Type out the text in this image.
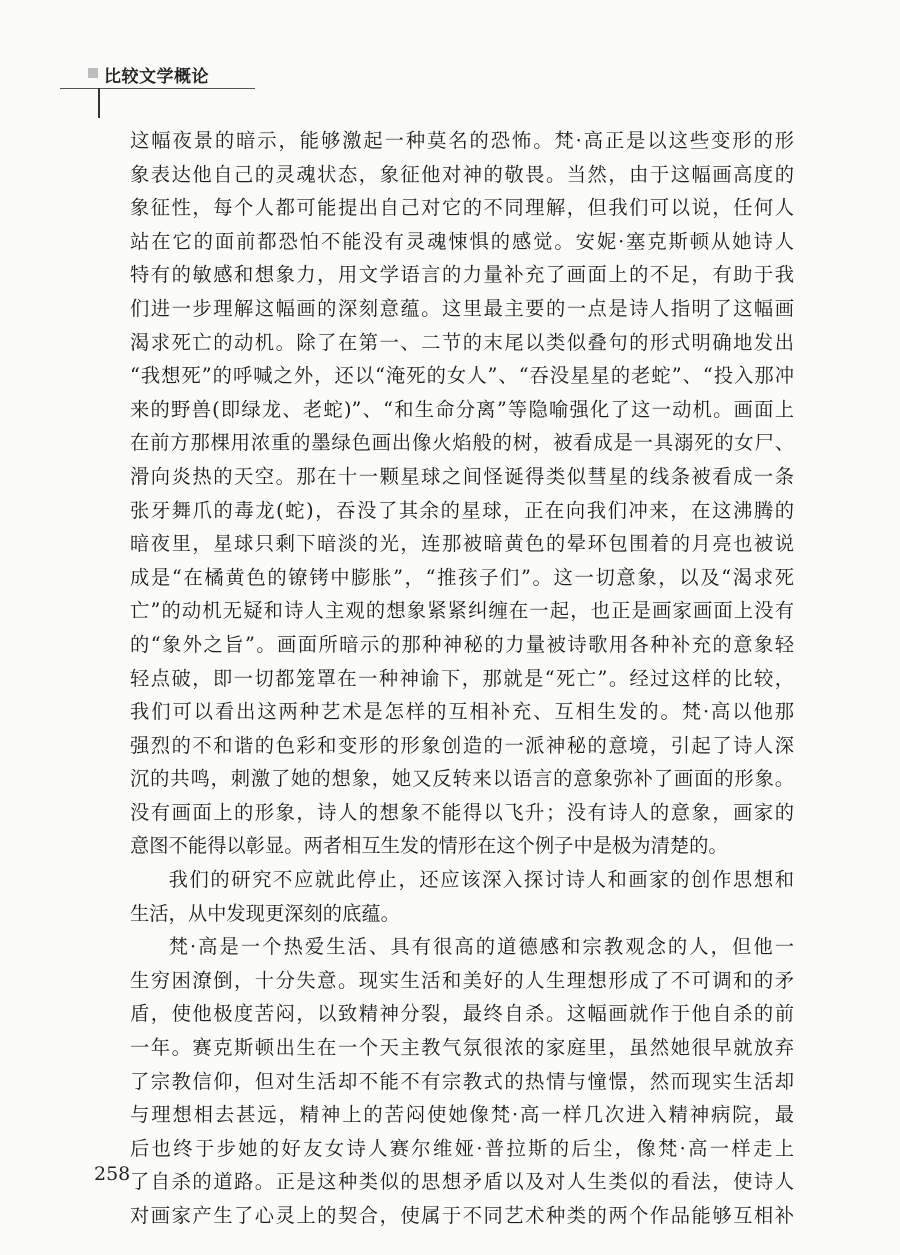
比较文学概论

这幅夜景的暗示，能够激起一种莫名的恐怖。梵·高正是以这些变形的形

象表达他自己的灵魂状态，象征他对神的敬畏。当然，由于这幅画高度的

象征性，每个人都可能提出自己对它的不同理解，但我们可以说，任何人

站在它的面前都恐怕不能没有灵魂悚惧的感觉。安妮·塞克斯顿从她诗人

特有的敏感和想象力，用文学语言的力量补充了画面上的不足，有助于我

们进一步理解这幅画的深刻意蕴。这里最主要的一点是诗人指明了这幅画

渴求死亡的动机。除了在第一、二节的末尾以类似叠句的形式明确地发出

“我想死”的呼喊之外，还以“淹死的女人”、“吞没星星的老蛇”、“投入那冲

来的野兽(即绿龙、老蛇)”、“和生命分离”等隐喻强化了这一动机。画面上

在前方那棵用浓重的墨绿色画出像火焰般的树，被看成是一具溺死的女尸、

滑向炎热的天空。那在十一颗星球之间怪诞得类似彗星的线条被看成一条

张牙舞爪的毒龙(蛇)，吞没了其余的星球，正在向我们冲来，在这沸腾的

暗夜里，星球只剩下暗淡的光，连那被暗黄色的晕环包围着的月亮也被说

成是“在橘黄色的镣铐中膨胀”，“推孩子们”。这一切意象，以及“渴求死

亡”的动机无疑和诗人主观的想象紧紧纠缠在一起，也正是画家画面上没有

的“象外之旨”。画面所暗示的那种神秘的力量被诗歌用各种补充的意象轻

轻点破，即一切都笼罩在一种神谕下，那就是“死亡”。经过这样的比较，

我们可以看出这两种艺术是怎样的互相补充、互相生发的。梵·高以他那

强烈的不和谐的色彩和变形的形象创造的一派神秘的意境，引起了诗人深

沉的共鸣，刺激了她的想象，她又反转来以语言的意象弥补了画面的形象。

没有画面上的形象，诗人的想象不能得以飞升；没有诗人的意象，画家的

意图不能得以彰显。两者相互生发的情形在这个例子中是极为清楚的。

我们的研究不应就此停止，还应该深入探讨诗人和画家的创作思想和

生活，从中发现更深刻的底蕴。

梵·高是一个热爱生活、具有很高的道德感和宗教观念的人，但他一

生穷困潦倒，十分失意。现实生活和美好的人生理想形成了不可调和的矛

盾，使他极度苦闷，以致精神分裂，最终自杀。这幅画就作于他自杀的前

一年。赛克斯顿出生在一个天主教气氛很浓的家庭里，虽然她很早就放弃

了宗教信仰，但对生活却不能不有宗教式的热情与憧憬，然而现实生活却

与理想相去甚远，精神上的苦闷使她像梵·高一样几次进入精神病院，最

后也终于步她的好友女诗人赛尔维娅·普拉斯的后尘，像梵·高一样走上

了自杀的道路。正是这种类似的思想矛盾以及对人生类似的看法，使诗人

对画家产生了心灵上的契合，使属于不同艺术种类的两个作品能够互相补

258
